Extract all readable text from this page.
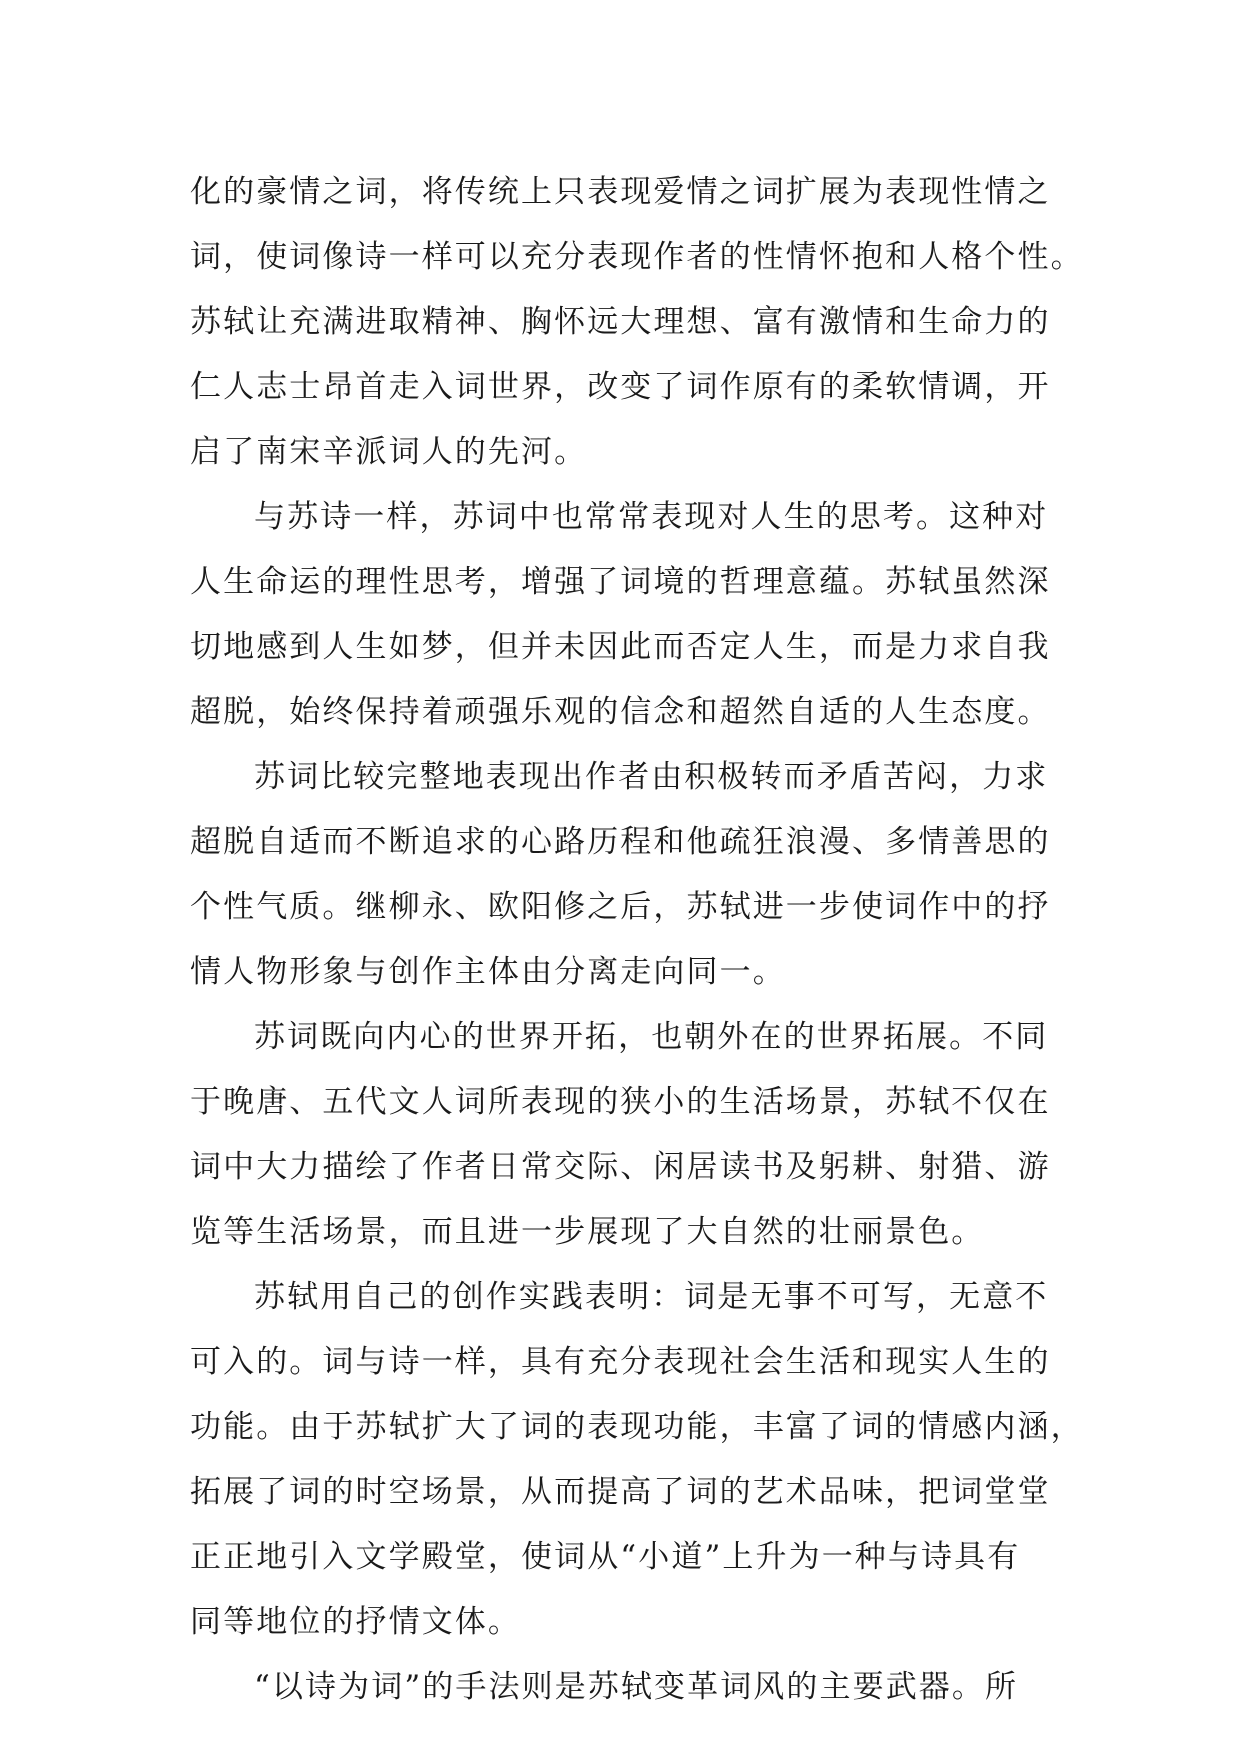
化的豪情之词，将传统上只表现爱情之词扩展为表现性情之
词，使词像诗一样可以充分表现作者的性情怀抱和人格个性。
苏轼让充满进取精神、胸怀远大理想、富有激情和生命力的
仁人志士昂首走入词世界，改变了词作原有的柔软情调，开
启了南宋辛派词人的先河。
与苏诗一样，苏词中也常常表现对人生的思考。这种对
人生命运的理性思考，增强了词境的哲理意蕴。苏轼虽然深
切地感到人生如梦，但并未因此而否定人生，而是力求自我
超脱，始终保持着顽强乐观的信念和超然自适的人生态度。
苏词比较完整地表现出作者由积极转而矛盾苦闷，力求
超脱自适而不断追求的心路历程和他疏狂浪漫、多情善思的
个性气质。继柳永、欧阳修之后，苏轼进一步使词作中的抒
情人物形象与创作主体由分离走向同一。
苏词既向内心的世界开拓，也朝外在的世界拓展。不同
于晚唐、五代文人词所表现的狭小的生活场景，苏轼不仅在
词中大力描绘了作者日常交际、闲居读书及躬耕、射猎、游
览等生活场景，而且进一步展现了大自然的壮丽景色。
苏轼用自己的创作实践表明：词是无事不可写，无意不
可入的。词与诗一样，具有充分表现社会生活和现实人生的
功能。由于苏轼扩大了词的表现功能，丰富了词的情感内涵，
拓展了词的时空场景，从而提高了词的艺术品味，把词堂堂
正正地引入文学殿堂，使词从“小道”上升为一种与诗具有
同等地位的抒情文体。
“以诗为词”的手法则是苏轼变革词风的主要武器。所
